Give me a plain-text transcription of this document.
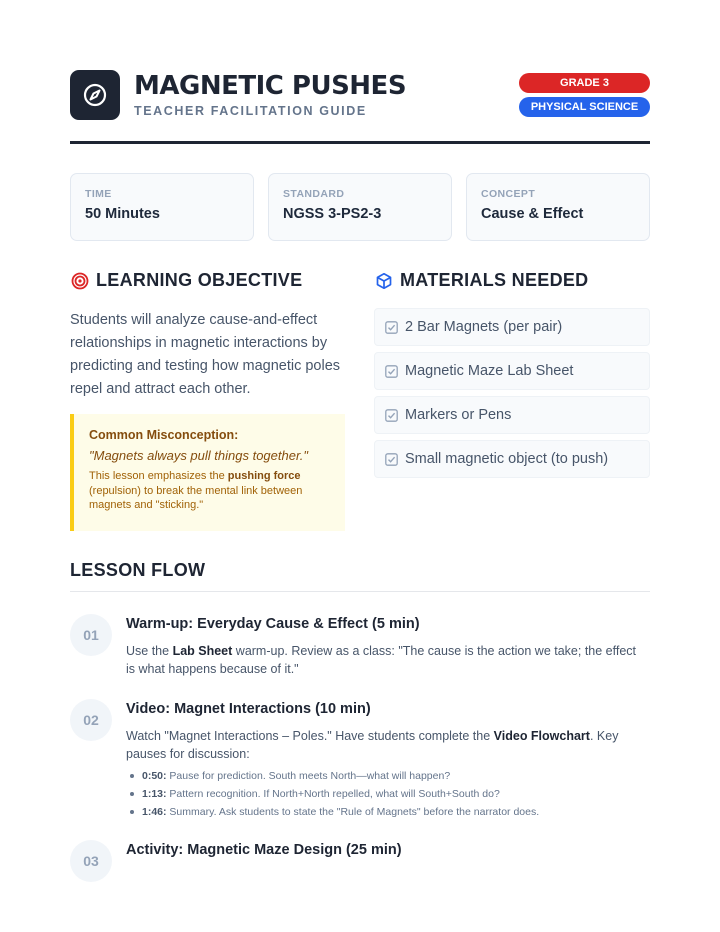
MAGNETIC PUSHES
TEACHER FACILITATION GUIDE
GRADE 3
PHYSICAL SCIENCE
TIME
50 Minutes
STANDARD
NGSS 3-PS2-3
CONCEPT
Cause & Effect
LEARNING OBJECTIVE

Students will analyze cause-and-effect relationships in magnetic interactions by predicting and testing how magnetic poles repel and attract each other.

Common Misconception:
"Magnets always pull things together."
This lesson emphasizes the pushing force (repulsion) to break the mental link between magnets and "sticking."
MATERIALS NEEDED
2 Bar Magnets (per pair)
Magnetic Maze Lab Sheet
Markers or Pens
Small magnetic object (to push)
LESSON FLOW
01
Warm-up: Everyday Cause & Effect (5 min)
Use the Lab Sheet warm-up. Review as a class: "The cause is the action we take; the effect is what happens because of it."
02
Video: Magnet Interactions (10 min)
Watch "Magnet Interactions – Poles." Have students complete the Video Flowchart. Key pauses for discussion:
0:50: Pause for prediction. South meets North—what will happen?
1:13: Pattern recognition. If North+North repelled, what will South+South do?
1:46: Summary. Ask students to state the "Rule of Magnets" before the narrator does.
03
Activity: Magnetic Maze Design (25 min)
